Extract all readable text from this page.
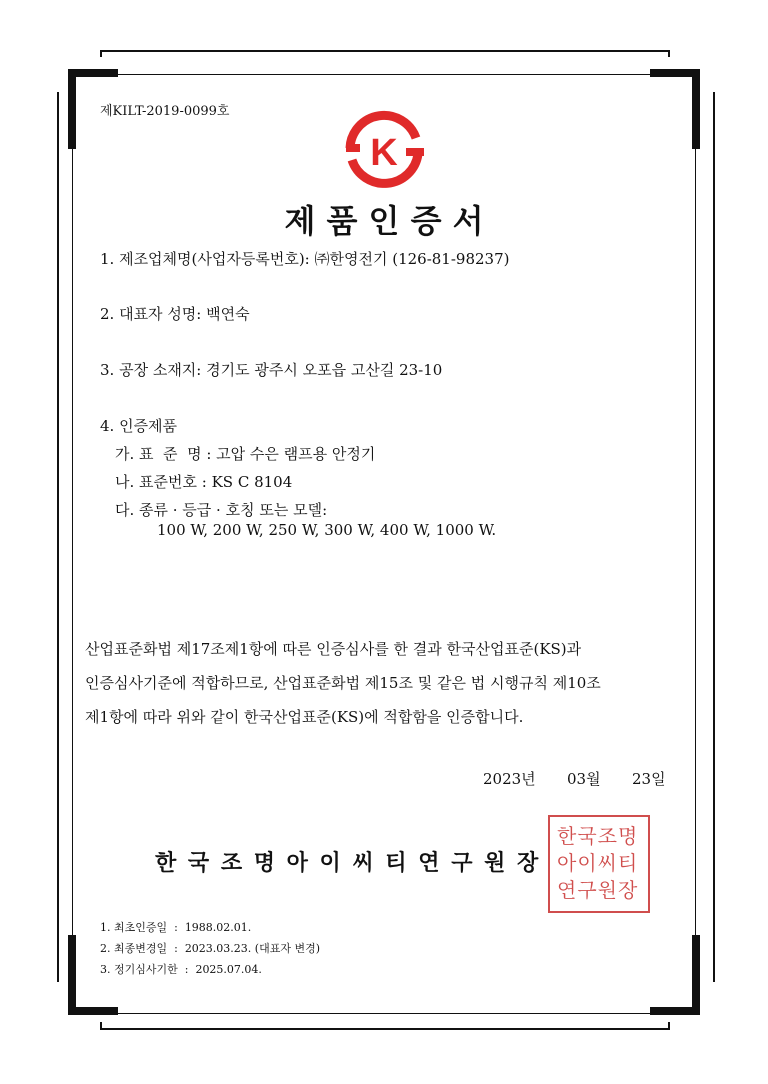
제KILT-2019-0099호
K
제 품 인 증 서
1. 제조업체명(사업자등록번호): ㈜한영전기 (126-81-98237)
2. 대표자 성명: 백연숙
3. 공장 소재지: 경기도 광주시 오포읍 고산길 23-10
4. 인증제품
가. 표  준  명 : 고압 수은 램프용 안정기
나. 표준번호 : KS C 8104
다. 종류 · 등급 · 호칭 또는 모델:
100 W, 200 W, 250 W, 300 W, 400 W, 1000 W.
산업표준화법 제17조제1항에 따른 인증심사를 한 결과 한국산업표준(KS)과
인증심사기준에 적합하므로, 산업표준화법 제15조 및 같은 법 시행규칙 제10조
제1항에 따라 위와 같이 한국산업표준(KS)에 적합함을 인증합니다.
2023년 03월 23일
한 국 조 명 아 이 씨 티 연 구 원 장
한국조명아이씨티연구원장
1. 최초인증일  :  1988.02.01.
2. 최종변경일  :  2023.03.23. (대표자 변경)
3. 정기심사기한  :  2025.07.04.
